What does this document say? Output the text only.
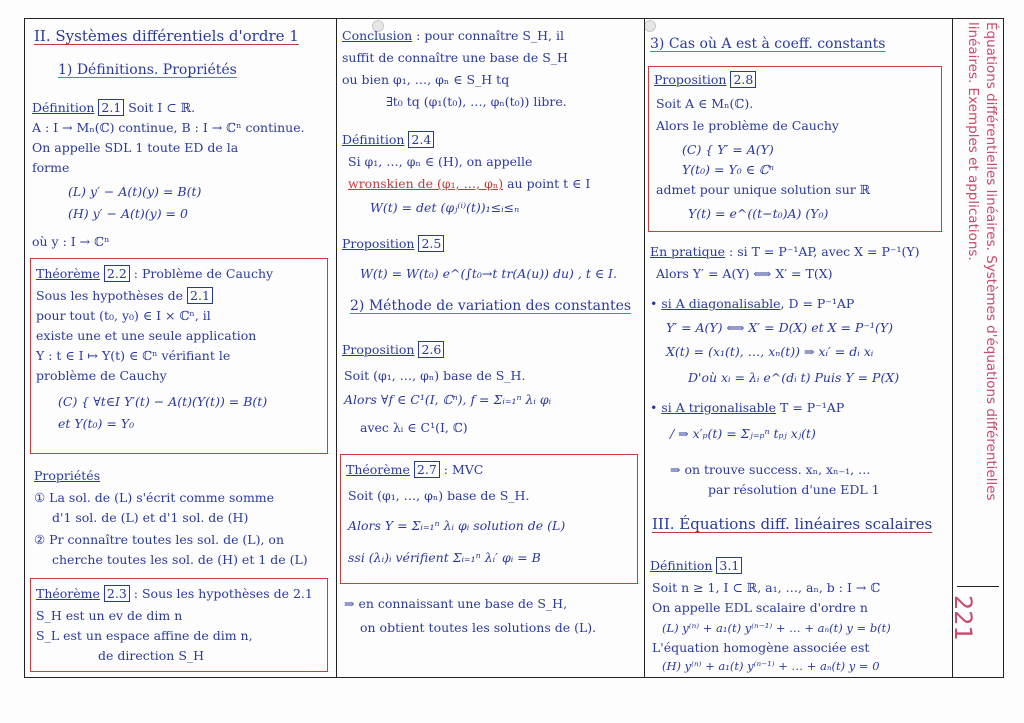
II. Systèmes différentiels d'ordre 1
1) Définitions. Propriétés
Définition 2.1 Soit I ⊂ ℝ.
A : I → Mₙ(ℂ) continue, B : I → ℂⁿ continue.
On appelle SDL 1 toute ED de la
forme
(L) y′ − A(t)(y) = B(t)
(H) y′ − A(t)(y) = 0
où y : I → ℂⁿ
Théorème 2.2 : Problème de Cauchy
Sous les hypothèses de 2.1
pour tout (t₀, y₀) ∈ I × ℂⁿ, il
existe une et une seule application
Y : t ∈ I ↦ Y(t) ∈ ℂⁿ vérifiant le
problème de Cauchy
(C) { ∀t∈I Y′(t) − A(t)(Y(t)) = B(t)
et Y(t₀) = Y₀
Propriétés
① La sol. de (L) s'écrit comme somme
d'1 sol. de (L) et d'1 sol. de (H)
② Pr connaître toutes les sol. de (L), on
cherche toutes les sol. de (H) et 1 de (L)
Théorème 2.3 : Sous les hypothèses de 2.1
S_H est un ev de dim n
S_L est un espace affine de dim n,
de direction S_H
Conclusion : pour connaître S_H, il
suffit de connaître une base de S_H
ou bien φ₁, …, φₙ ∈ S_H tq
∃t₀ tq (φ₁(t₀), …, φₙ(t₀)) libre.
Définition 2.4
Si φ₁, …, φₙ ∈ (H), on appelle
wronskien de (φ₁, …, φₙ) au point t ∈ I
W(t) = det (φⱼ⁽ⁱ⁾(t))₁≤ᵢ≤ₙ
Proposition 2.5
W(t) = W(t₀) e^(∫t₀→t tr(A(u)) du) , t ∈ I.
2) Méthode de variation des constantes
Proposition 2.6
Soit (φ₁, …, φₙ) base de S_H.
Alors ∀f ∈ C¹(I, ℂⁿ), f = Σᵢ₌₁ⁿ λᵢ φᵢ
avec λᵢ ∈ C¹(I, ℂ)
Théorème 2.7 : MVC
Soit (φ₁, …, φₙ) base de S_H.
Alors Y = Σᵢ₌₁ⁿ λᵢ φᵢ solution de (L)
ssi (λᵢ)ᵢ vérifient Σᵢ₌₁ⁿ λᵢ′ φᵢ = B
⇒ en connaissant une base de S_H,
on obtient toutes les solutions de (L).
3) Cas où A est à coeff. constants
Proposition 2.8
Soit A ∈ Mₙ(ℂ).
Alors le problème de Cauchy
(C) { Y′ = A(Y)
Y(t₀) = Y₀ ∈ ℂⁿ
admet pour unique solution sur ℝ
Y(t) = e^((t−t₀)A) (Y₀)
En pratique : si T = P⁻¹AP, avec X = P⁻¹(Y)
Alors Y′ = A(Y) ⟺ X′ = T(X)
• si A diagonalisable, D = P⁻¹AP
Y′ = A(Y) ⟺ X′ = D(X) et X = P⁻¹(Y)
X(t) = (x₁(t), …, xₙ(t)) ⇒ xᵢ′ = dᵢ xᵢ
D'où xᵢ = λᵢ e^(dᵢ t) Puis Y = P(X)
• si A trigonalisable T = P⁻¹AP
/ ⇒ x′ₚ(t) = Σⱼ₌ₚⁿ tₚⱼ xⱼ(t)
⇒ on trouve success. xₙ, xₙ₋₁, …
par résolution d'une EDL 1
III. Équations diff. linéaires scalaires
Définition 3.1
Soit n ≥ 1, I ⊂ ℝ, a₁, …, aₙ, b : I → ℂ
On appelle EDL scalaire d'ordre n
(L) y⁽ⁿ⁾ + a₁(t) y⁽ⁿ⁻¹⁾ + … + aₙ(t) y = b(t)
L'équation homogène associée est
(H) y⁽ⁿ⁾ + a₁(t) y⁽ⁿ⁻¹⁾ + … + aₙ(t) y = 0
Équations différentielles linéaires. Systèmes d'équations différentielles
linéaires. Exemples et applications.
221
